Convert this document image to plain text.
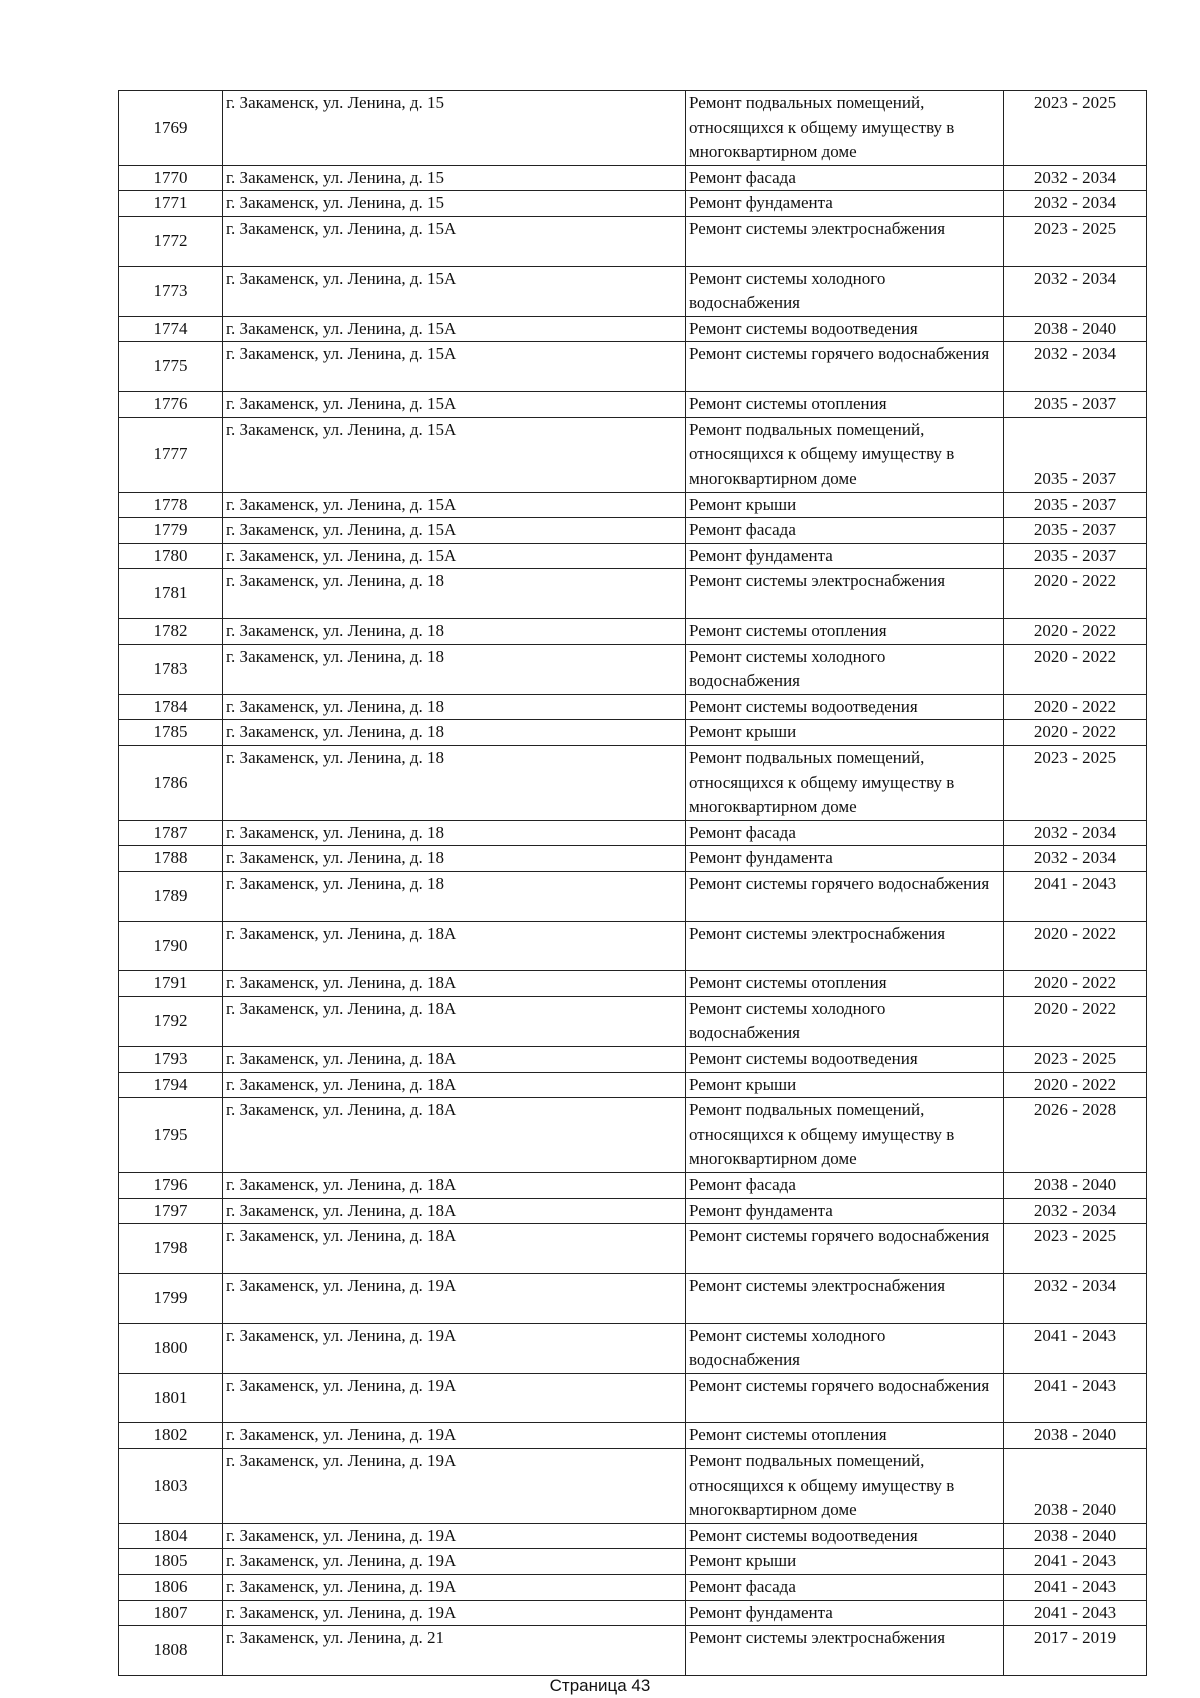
1769	г. Закаменск, ул. Ленина, д. 15	Ремонт подвальных помещений, относящихся к общему имуществу в многоквартирном доме	2023 - 2025
1770	г. Закаменск, ул. Ленина, д. 15	Ремонт фасада	2032 - 2034
1771	г. Закаменск, ул. Ленина, д. 15	Ремонт фундамента	2032 - 2034
1772	г. Закаменск, ул. Ленина, д. 15А	Ремонт системы электроснабжения	2023 - 2025
1773	г. Закаменск, ул. Ленина, д. 15А	Ремонт системы холодного водоснабжения	2032 - 2034
1774	г. Закаменск, ул. Ленина, д. 15А	Ремонт системы водоотведения	2038 - 2040
1775	г. Закаменск, ул. Ленина, д. 15А	Ремонт системы горячего водоснабжения	2032 - 2034
1776	г. Закаменск, ул. Ленина, д. 15А	Ремонт системы отопления	2035 - 2037
1777	г. Закаменск, ул. Ленина, д. 15А	Ремонт подвальных помещений, относящихся к общему имуществу в многоквартирном доме	2035 - 2037
1778	г. Закаменск, ул. Ленина, д. 15А	Ремонт крыши	2035 - 2037
1779	г. Закаменск, ул. Ленина, д. 15А	Ремонт фасада	2035 - 2037
1780	г. Закаменск, ул. Ленина, д. 15А	Ремонт фундамента	2035 - 2037
1781	г. Закаменск, ул. Ленина, д. 18	Ремонт системы электроснабжения	2020 - 2022
1782	г. Закаменск, ул. Ленина, д. 18	Ремонт системы отопления	2020 - 2022
1783	г. Закаменск, ул. Ленина, д. 18	Ремонт системы холодного водоснабжения	2020 - 2022
1784	г. Закаменск, ул. Ленина, д. 18	Ремонт системы водоотведения	2020 - 2022
1785	г. Закаменск, ул. Ленина, д. 18	Ремонт крыши	2020 - 2022
1786	г. Закаменск, ул. Ленина, д. 18	Ремонт подвальных помещений, относящихся к общему имуществу в многоквартирном доме	2023 - 2025
1787	г. Закаменск, ул. Ленина, д. 18	Ремонт фасада	2032 - 2034
1788	г. Закаменск, ул. Ленина, д. 18	Ремонт фундамента	2032 - 2034
1789	г. Закаменск, ул. Ленина, д. 18	Ремонт системы горячего водоснабжения	2041 - 2043
1790	г. Закаменск, ул. Ленина, д. 18А	Ремонт системы электроснабжения	2020 - 2022
1791	г. Закаменск, ул. Ленина, д. 18А	Ремонт системы отопления	2020 - 2022
1792	г. Закаменск, ул. Ленина, д. 18А	Ремонт системы холодного водоснабжения	2020 - 2022
1793	г. Закаменск, ул. Ленина, д. 18А	Ремонт системы водоотведения	2023 - 2025
1794	г. Закаменск, ул. Ленина, д. 18А	Ремонт крыши	2020 - 2022
1795	г. Закаменск, ул. Ленина, д. 18А	Ремонт подвальных помещений, относящихся к общему имуществу в многоквартирном доме	2026 - 2028
1796	г. Закаменск, ул. Ленина, д. 18А	Ремонт фасада	2038 - 2040
1797	г. Закаменск, ул. Ленина, д. 18А	Ремонт фундамента	2032 - 2034
1798	г. Закаменск, ул. Ленина, д. 18А	Ремонт системы горячего водоснабжения	2023 - 2025
1799	г. Закаменск, ул. Ленина, д. 19А	Ремонт системы электроснабжения	2032 - 2034
1800	г. Закаменск, ул. Ленина, д. 19А	Ремонт системы холодного водоснабжения	2041 - 2043
1801	г. Закаменск, ул. Ленина, д. 19А	Ремонт системы горячего водоснабжения	2041 - 2043
1802	г. Закаменск, ул. Ленина, д. 19А	Ремонт системы отопления	2038 - 2040
1803	г. Закаменск, ул. Ленина, д. 19А	Ремонт подвальных помещений, относящихся к общему имуществу в многоквартирном доме	2038 - 2040
1804	г. Закаменск, ул. Ленина, д. 19А	Ремонт системы водоотведения	2038 - 2040
1805	г. Закаменск, ул. Ленина, д. 19А	Ремонт крыши	2041 - 2043
1806	г. Закаменск, ул. Ленина, д. 19А	Ремонт фасада	2041 - 2043
1807	г. Закаменск, ул. Ленина, д. 19А	Ремонт фундамента	2041 - 2043
1808	г. Закаменск, ул. Ленина, д. 21	Ремонт системы электроснабжения	2017 - 2019
Страница 43
